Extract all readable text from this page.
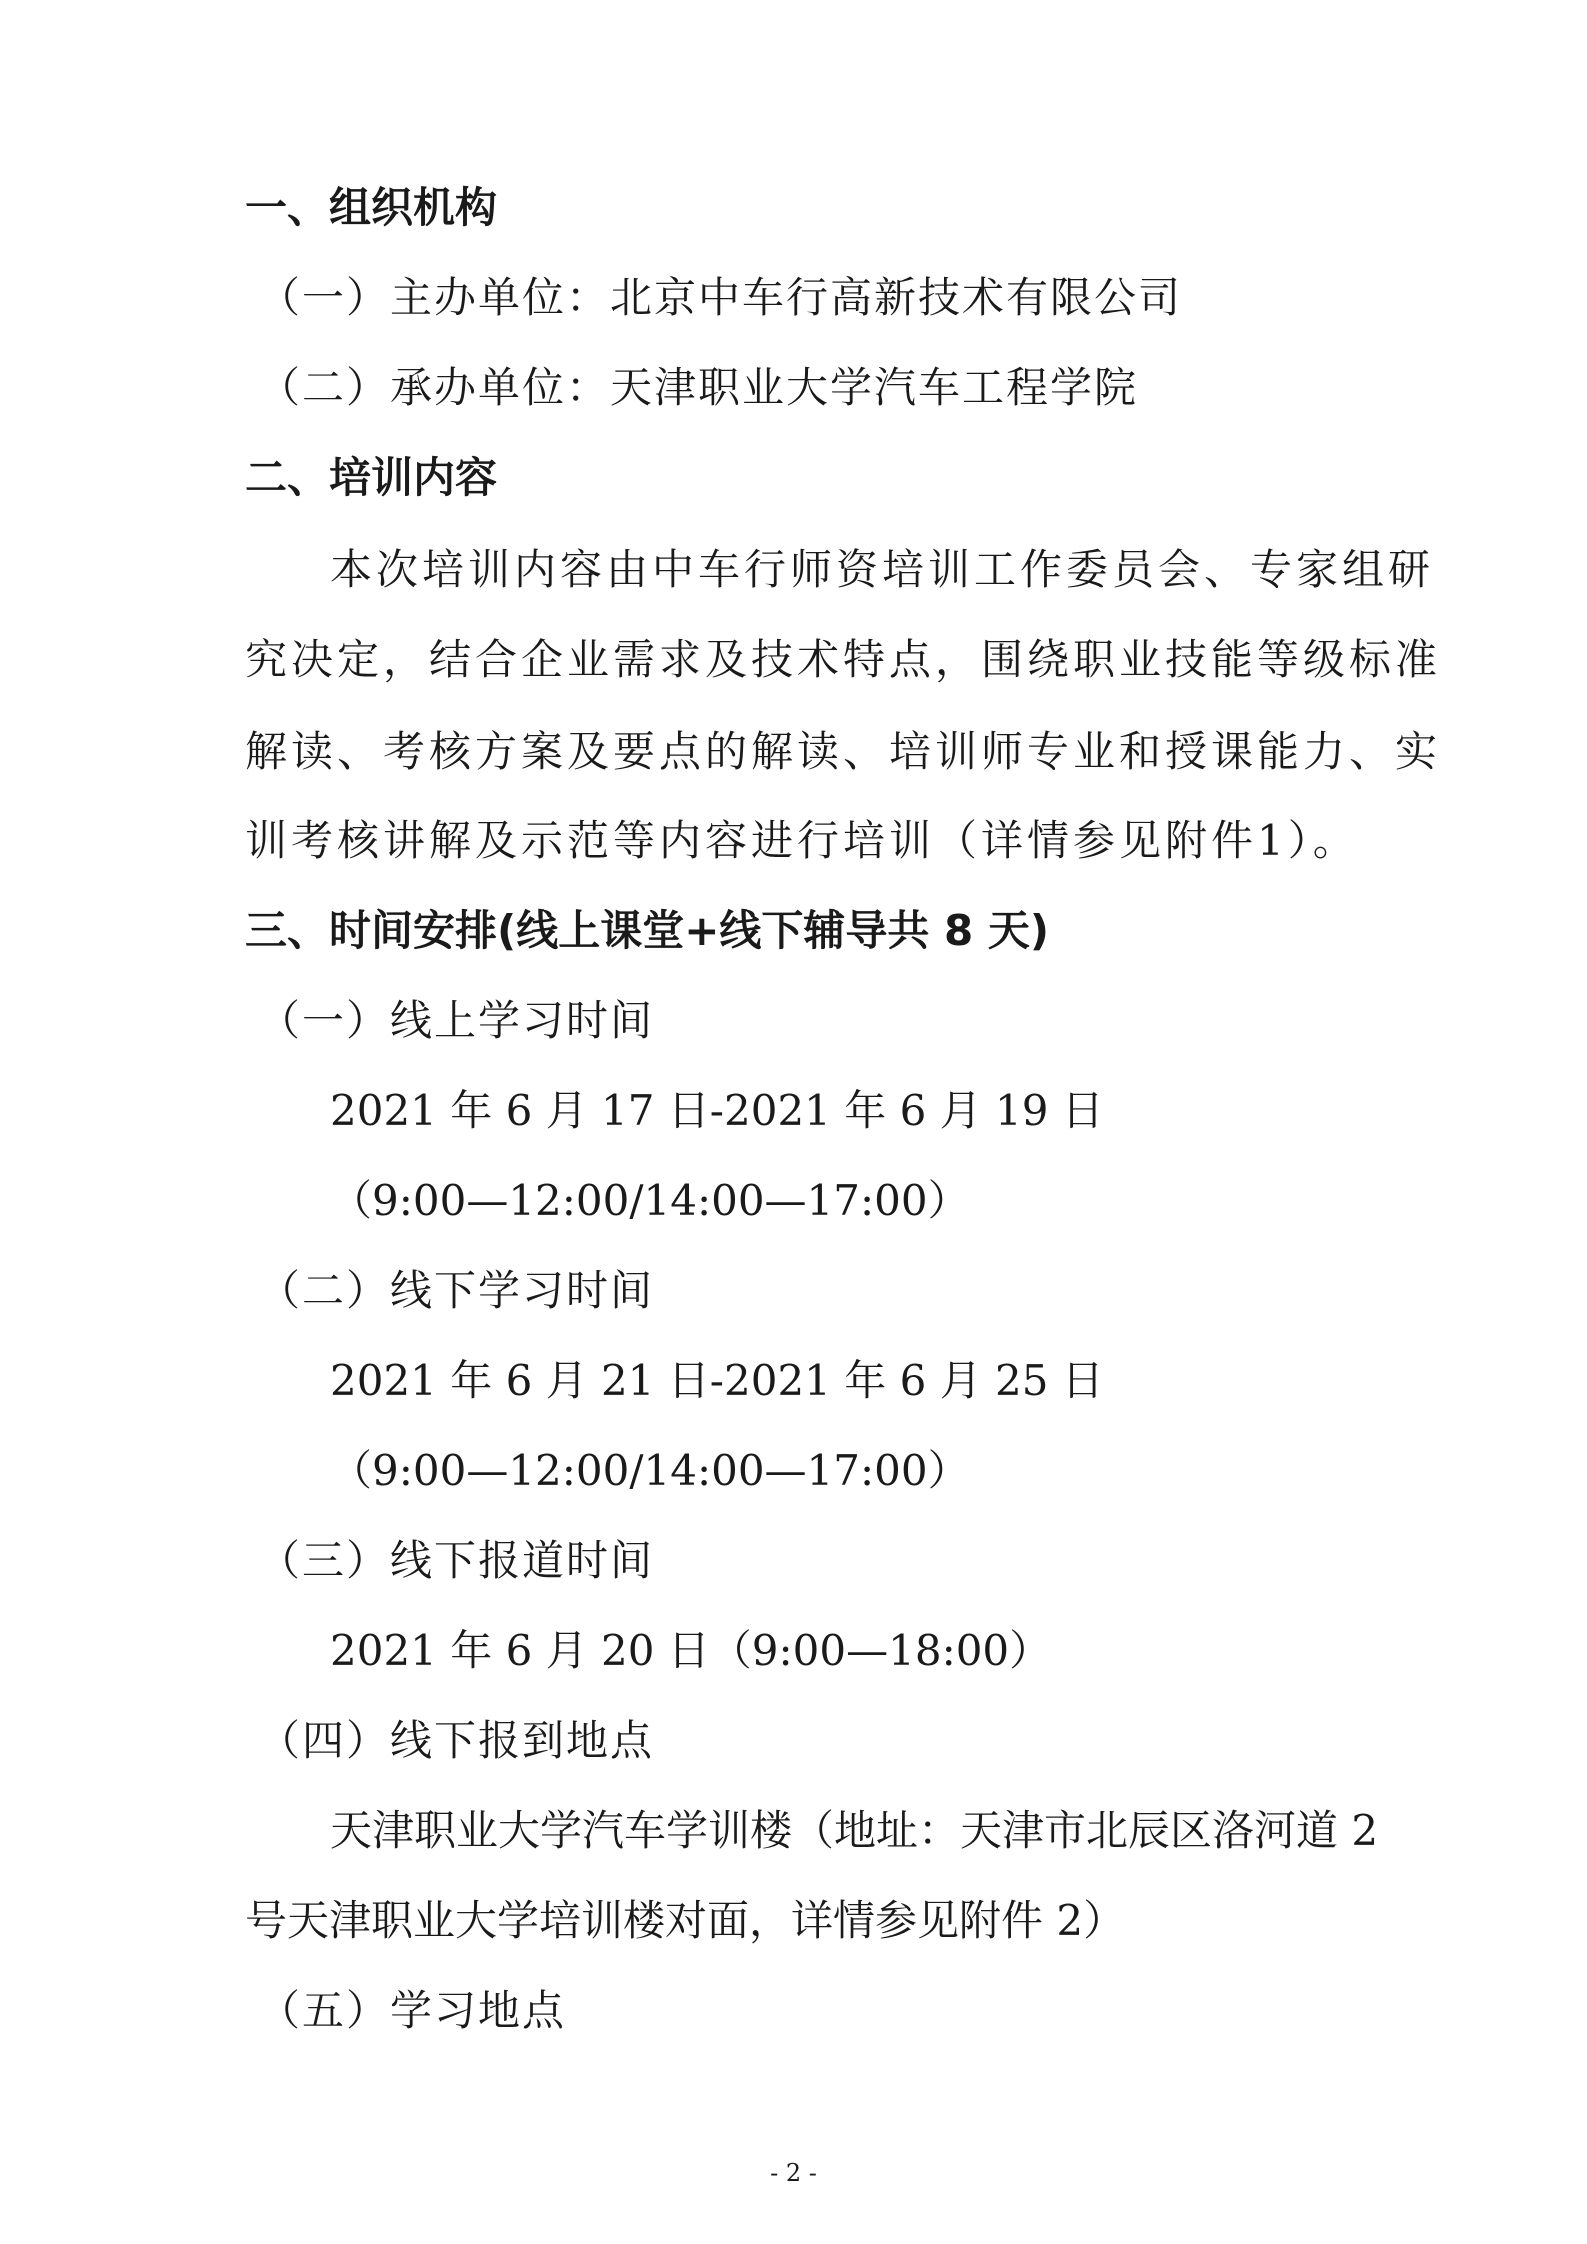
一、组织机构
（一）主办单位：北京中车行高新技术有限公司
（二）承办单位：天津职业大学汽车工程学院
二、培训内容
本次培训内容由中车行师资培训工作委员会、专家组研
究决定，结合企业需求及技术特点，围绕职业技能等级标准
解读、考核方案及要点的解读、培训师专业和授课能力、实
训考核讲解及示范等内容进行培训（详情参见附件1）。
三、时间安排(线上课堂+线下辅导共 8 天)
（一）线上学习时间
2021 年 6 月 17 日-2021 年 6 月 19 日
（9:00—12:00/14:00—17:00）
（二）线下学习时间
2021 年 6 月 21 日-2021 年 6 月 25 日
（9:00—12:00/14:00—17:00）
（三）线下报道时间
2021 年 6 月 20 日（9:00—18:00）
（四）线下报到地点
天津职业大学汽车学训楼（地址：天津市北辰区洛河道 2
号天津职业大学培训楼对面，详情参见附件 2）
（五）学习地点
- 2 -
